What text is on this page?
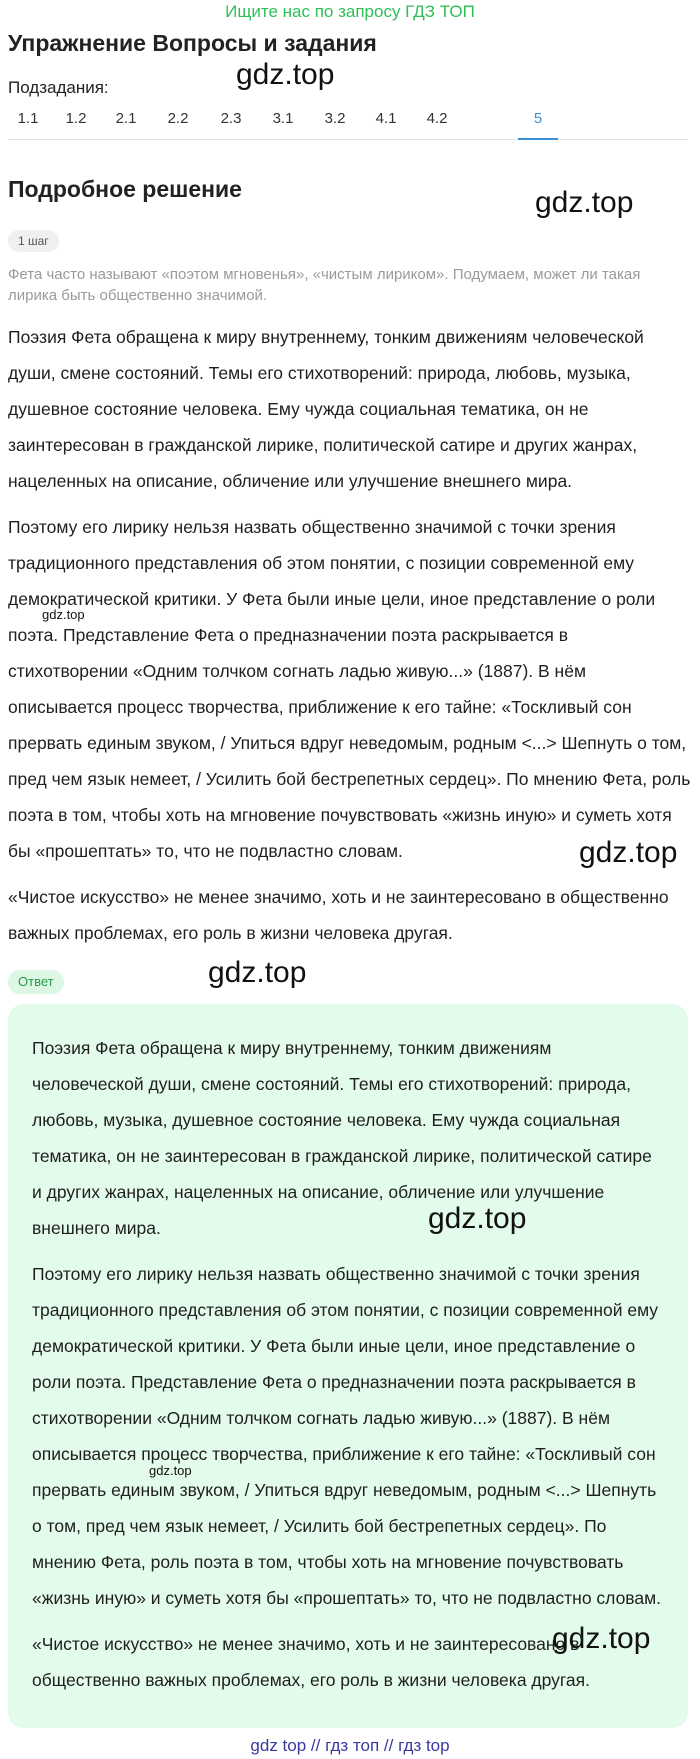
Ищите нас по запросу ГДЗ ТОП
Упражнение Вопросы и задания
Подзадания:
1.1	1.2	2.1	2.2	2.3	3.1	3.2	4.1	4.2	5
Подробное решение
1 шаг
Фета часто называют «поэтом мгновенья», «чистым лириком». Подумаем, может ли такая лирика быть общественно значимой.

Поэзия Фета обращена к миру внутреннему, тонким движениям человеческой души, смене состояний. Темы его стихотворений: природа, любовь, музыка, душевное состояние человека. Ему чужда социальная тематика, он не заинтересован в гражданской лирике, политической сатире и других жанрах, нацеленных на описание, обличение или улучшение внешнего мира.

Поэтому его лирику нельзя назвать общественно значимой с точки зрения традиционного представления об этом понятии, с позиции современной ему демократической критики. У Фета были иные цели, иное представление о роли поэта. Представление Фета о предназначении поэта раскрывается в стихотворении «Одним толчком согнать ладью живую...» (1887). В нём описывается процесс творчества, приближение к его тайне: «Тоскливый сон прервать единым звуком, / Упиться вдруг неведомым, родным <...> Шепнуть о том, пред чем язык немеет, / Усилить бой бестрепетных сердец». По мнению Фета, роль поэта в том, чтобы хоть на мгновение почувствовать «жизнь иную» и суметь хотя бы «прошептать» то, что не подвластно словам.

«Чистое искусство» не менее значимо, хоть и не заинтересовано в общественно важных проблемах, его роль в жизни человека другая.

Ответ

Поэзия Фета обращена к миру внутреннему, тонким движениям человеческой души, смене состояний. Темы его стихотворений: природа, любовь, музыка, душевное состояние человека. Ему чужда социальная тематика, он не заинтересован в гражданской лирике, политической сатире и других жанрах, нацеленных на описание, обличение или улучшение внешнего мира.

Поэтому его лирику нельзя назвать общественно значимой с точки зрения традиционного представления об этом понятии, с позиции современной ему демократической критики. У Фета были иные цели, иное представление о роли поэта. Представление Фета о предназначении поэта раскрывается в стихотворении «Одним толчком согнать ладью живую...» (1887). В нём описывается процесс творчества, приближение к его тайне: «Тоскливый сон прервать единым звуком, / Упиться вдруг неведомым, родным <...> Шепнуть о том, пред чем язык немеет, / Усилить бой бестрепетных сердец». По мнению Фета, роль поэта в том, чтобы хоть на мгновение почувствовать «жизнь иную» и суметь хотя бы «прошептать» то, что не подвластно словам.

«Чистое искусство» не менее значимо, хоть и не заинтересовано в общественно важных проблемах, его роль в жизни человека другая.

gdz.top
gdz.top
gdz.top
gdz.top
gdz.top
gdz.top
gdz.top
gdz.top
gdz top // гдз топ // гдз top
